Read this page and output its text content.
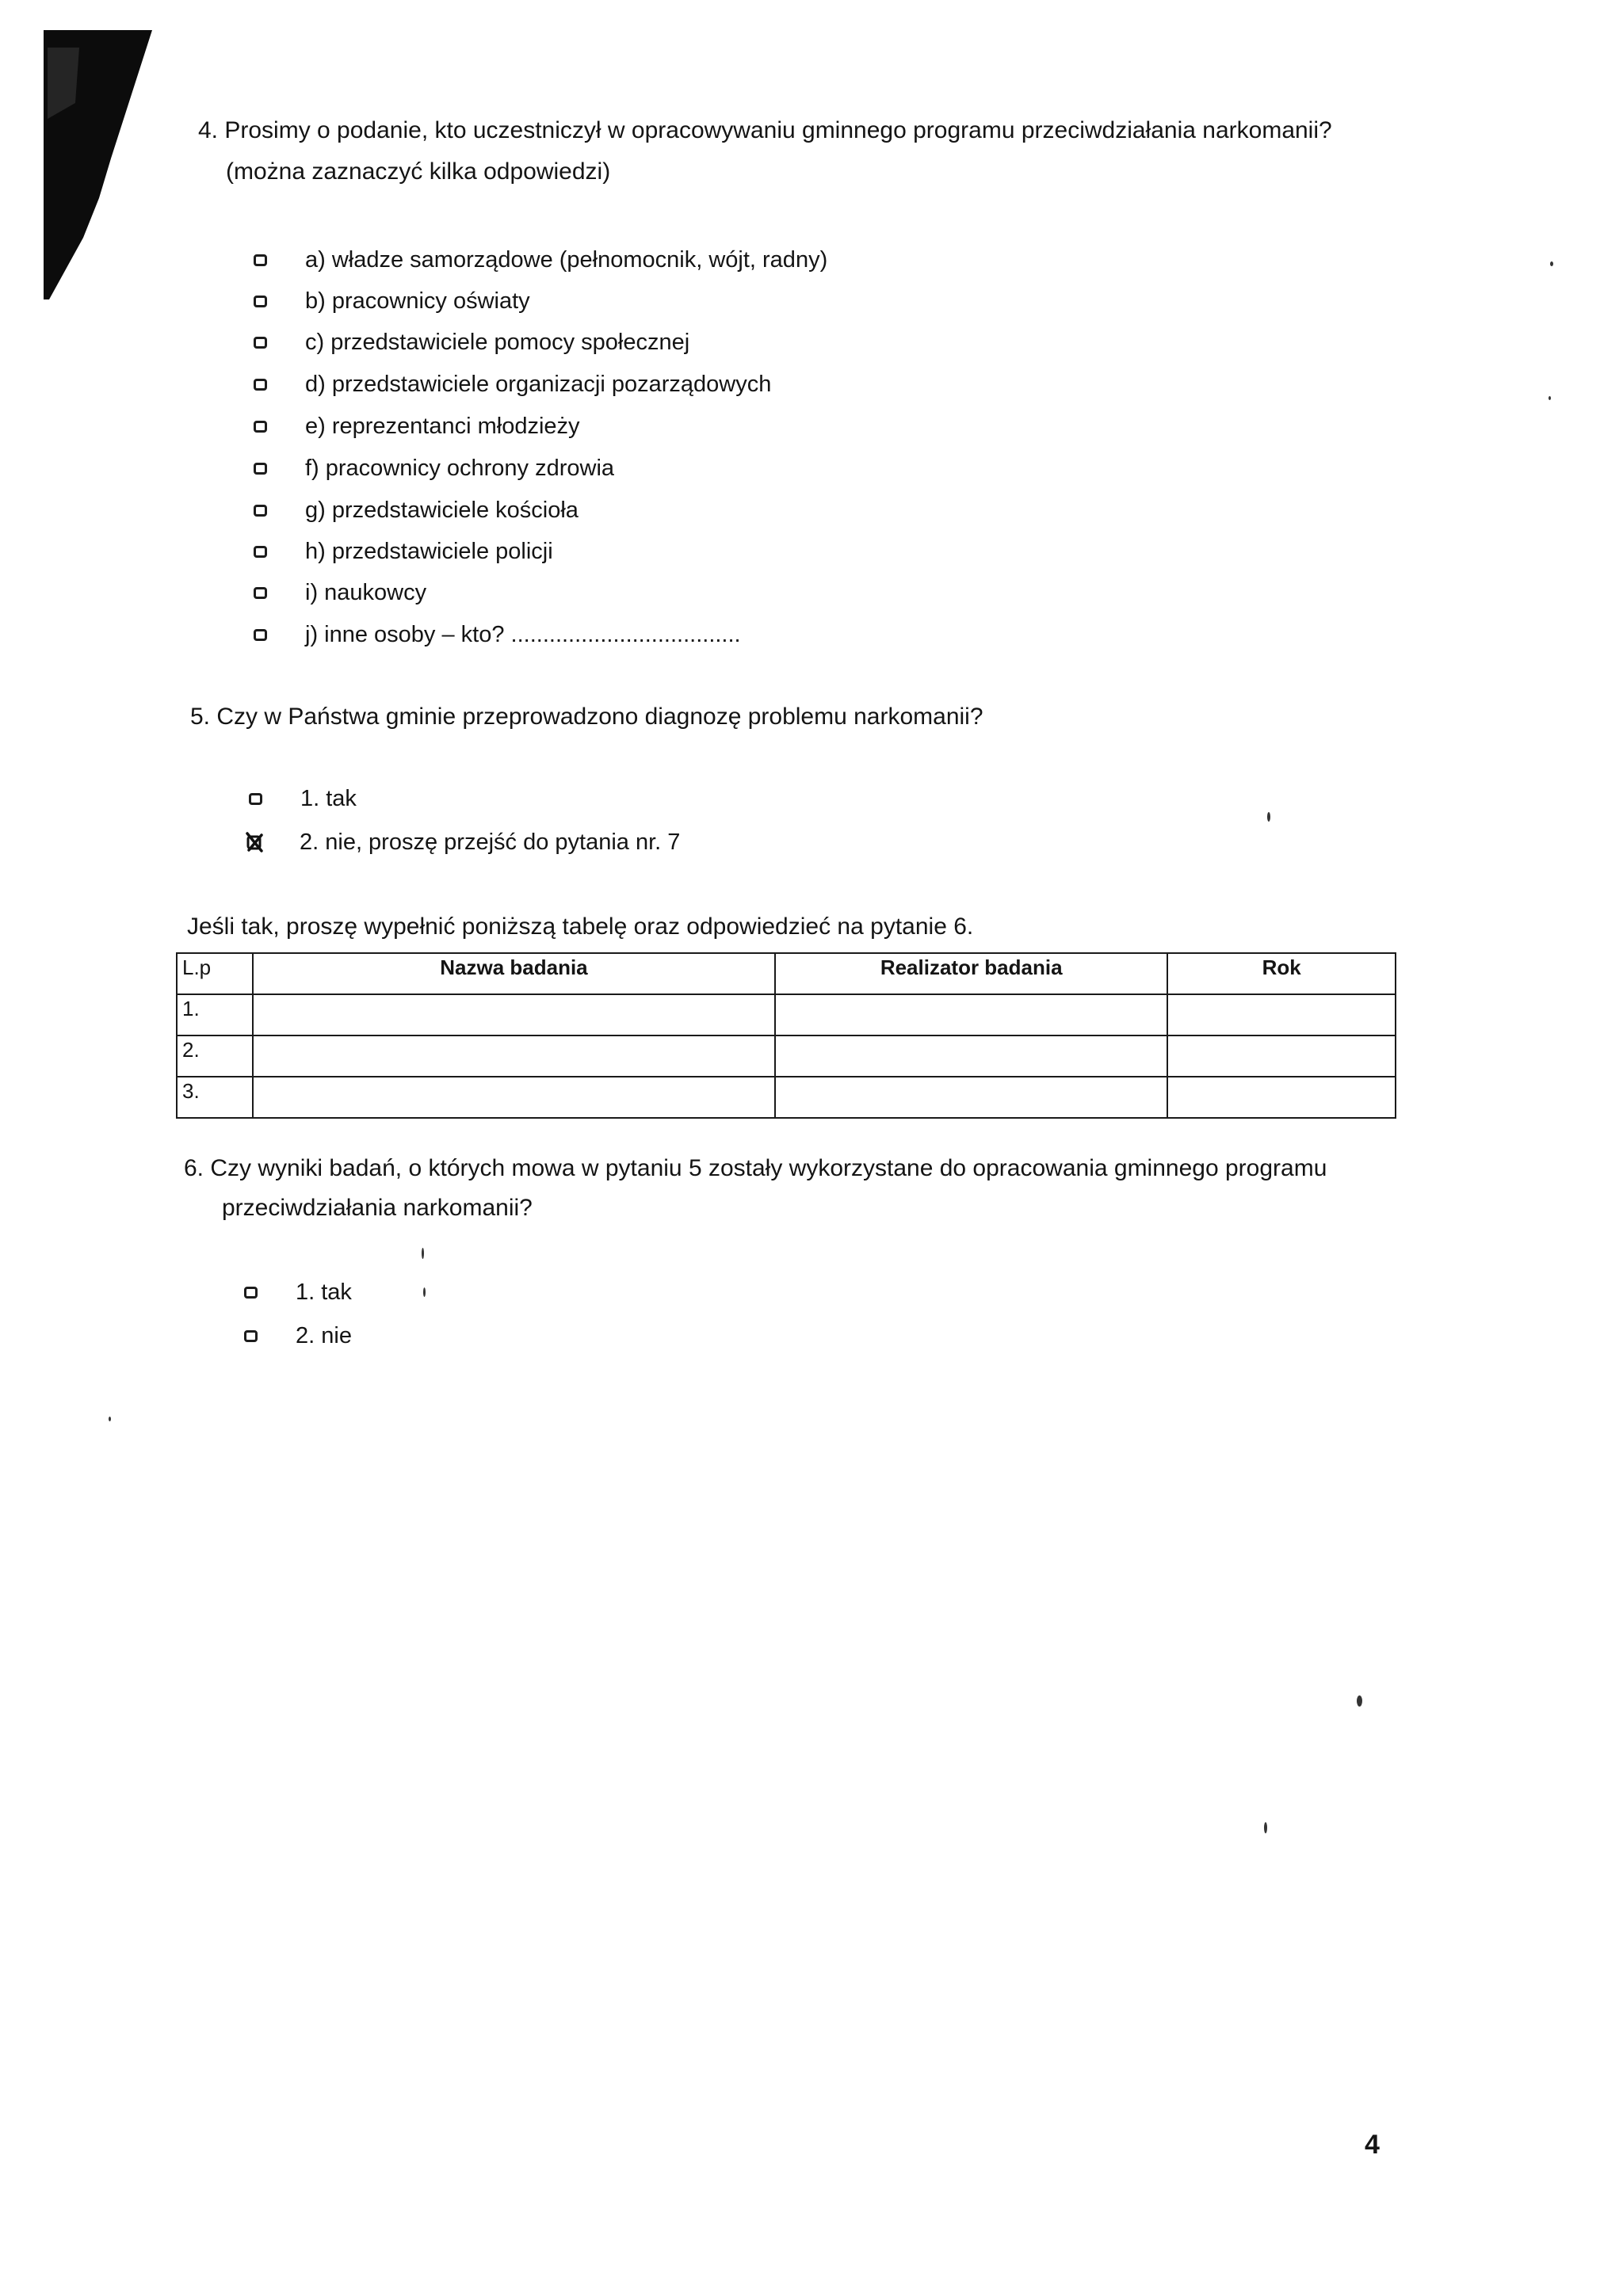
4. Prosimy o podanie, kto uczestniczył w opracowywaniu gminnego programu przeciwdziałania narkomanii?
(można zaznaczyć kilka odpowiedzi)
a) władze samorządowe (pełnomocnik, wójt, radny)
b) pracownicy oświaty
c) przedstawiciele pomocy społecznej
d) przedstawiciele organizacji pozarządowych
e) reprezentanci młodzieży
f) pracownicy ochrony zdrowia
g) przedstawiciele kościoła
h) przedstawiciele policji
i) naukowcy
j) inne osoby – kto? ....................................
5. Czy w Państwa gminie przeprowadzono diagnozę problemu narkomanii?
1. tak
2. nie, proszę przejść do pytania nr. 7
Jeśli tak, proszę wypełnić poniższą tabelę oraz odpowiedzieć na pytanie 6.
L.p	Nazwa badania	Realizator badania	Rok
1.			
2.			
3.			
6. Czy wyniki badań, o których mowa w pytaniu 5 zostały wykorzystane do opracowania gminnego programu
przeciwdziałania narkomanii?
1. tak
2. nie
4
